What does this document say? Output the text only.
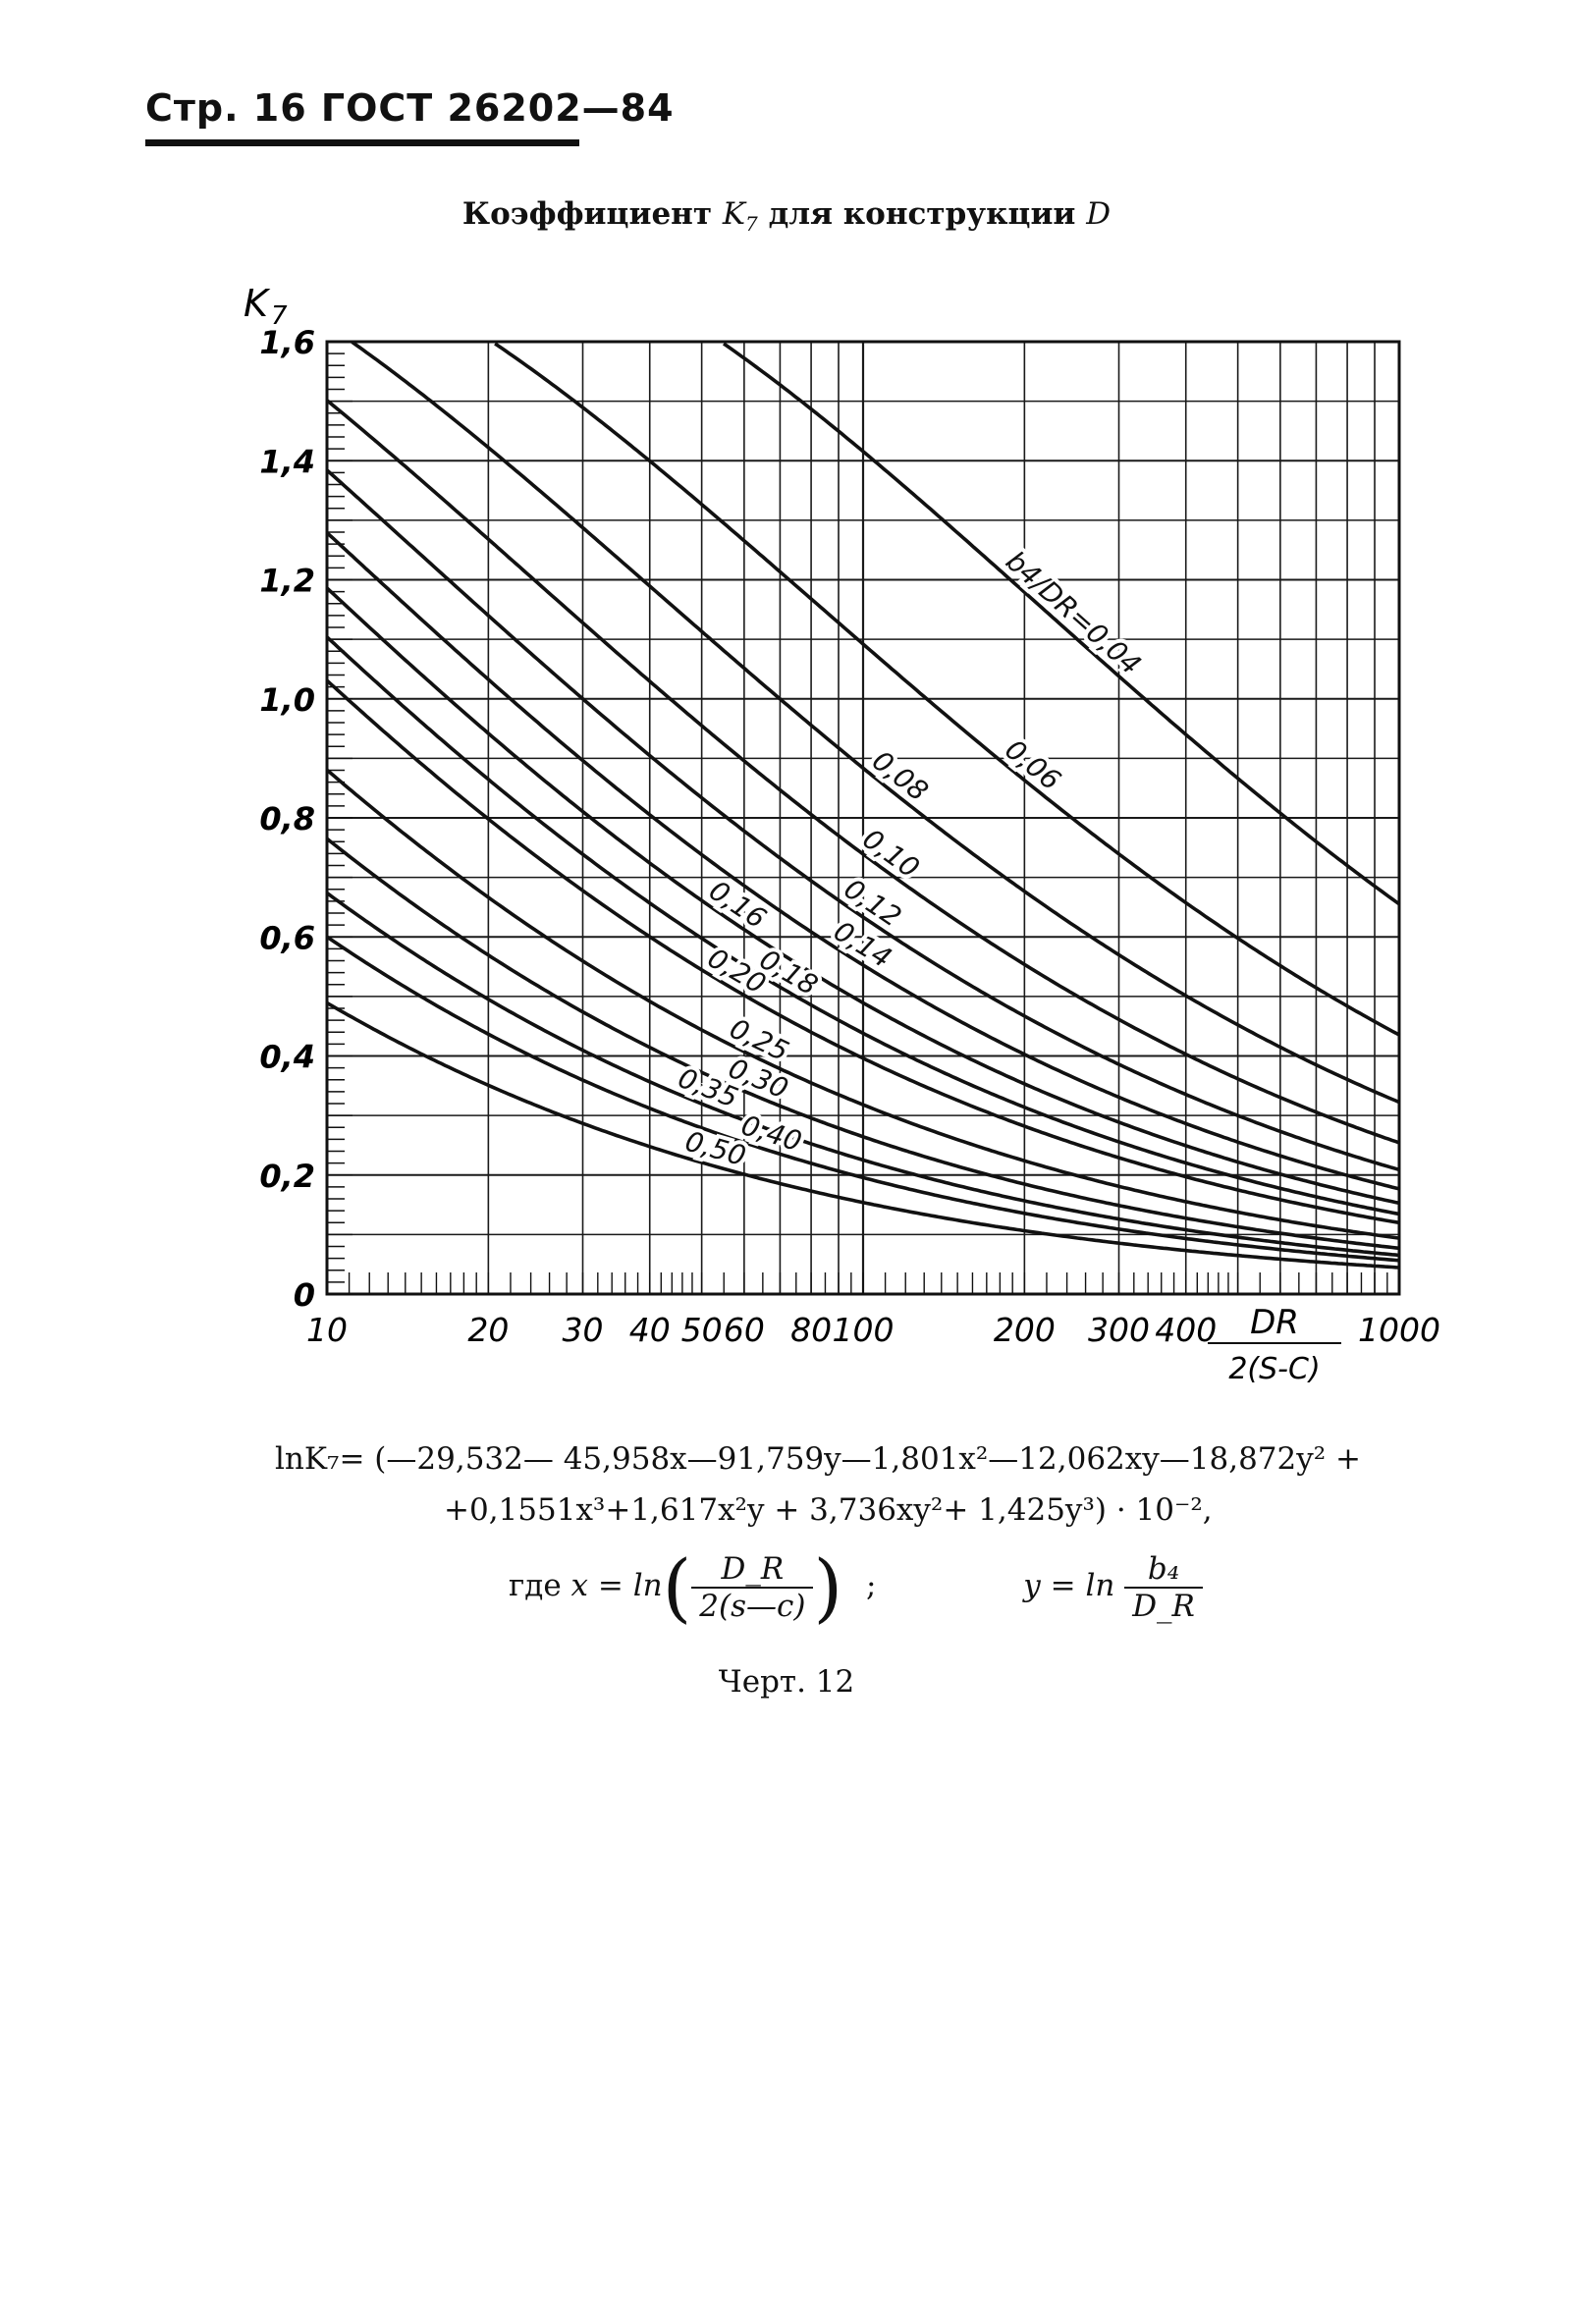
Стр. 16 ГОСТ 26202—84
Коэффициент $K_7$ для конструкции D
0
0,2
0,4
0,6
0,8
1,0
1,2
1,4
1,6
10	20 30 40 50 60 80 100	200 300 400	1000
K 7
DR
2(S-C)
b4/DR=0,04
0,06
0,08
0,10
0,12
0,14
0,16
0,18
0,20
0,25
0,30
0,35
0,40
0,50
lnK₇= (—29,532— 45,958x—91,759y—1,801x²—12,062xy—18,872y² +
+0,1551x³+1,617x²y + 3,736xy²+ 1,425y³) · 10⁻²,
где $x = \ln( \frac{D\_R}{2(s—c)}$ ) ;	$y = \ln \frac{\text{b₄}}{D\_R}$
Черт. 12
